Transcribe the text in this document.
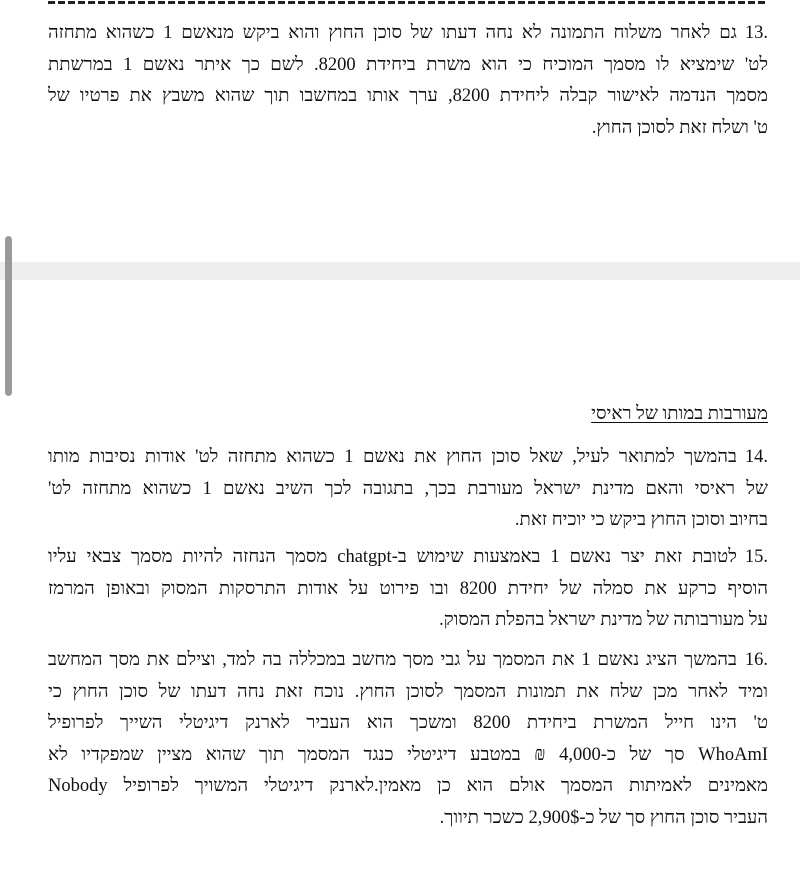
13.גם לאחר משלוח התמונה לא נחה דעתו של סוכן החוץ והוא ביקש מנאשם 1 כשהוא מתחזה
לט' שימציא לו מסמך המוכיח כי הוא משרת ביחידת 8200. לשם כך איתר נאשם 1 במרשתת
מסמך הנדמה לאישור קבלה ליחידת 8200, ערך אותו במחשבו תוך שהוא משבץ את פרטיו של
ט' ושלח זאת לסוכן החוץ.
מעורבות במותו של ראיסי
14.בהמשך למתואר לעיל, שאל סוכן החוץ את נאשם 1 כשהוא מתחזה לט' אודות נסיבות מותו
של ראיסי והאם מדינת ישראל מעורבת בכך, בתגובה לכך השיב נאשם 1 כשהוא מתחזה לט'
בחיוב וסוכן החוץ ביקש כי יוכיח זאת.
15.לטובת זאת יצר נאשם 1 באמצעות שימוש ב-chatgpt מסמך הנחזה להיות מסמך צבאי עליו
הוסיף כרקע את סמלה של יחידת 8200 ובו פירוט על אודות התרסקות המסוק ובאופן המרמז
על מעורבותה של מדינת ישראל בהפלת המסוק.
16.בהמשך הציג נאשם 1 את המסמך על גבי מסך מחשב במכללה בה למד, וצילם את מסך המחשב
ומיד לאחר מכן שלח את תמונות המסמך לסוכן החוץ. נוכח זאת נחה דעתו של סוכן החוץ כי
ט' הינו חייל המשרת ביחידת 8200 ומשכך הוא העביר לארנק דיגיטלי השייך לפרופיל
WhoAmI סך של כ-4,000 ₪ במטבע דיגיטלי כנגד המסמך תוך שהוא מציין שמפקדיו לא
מאמינים לאמיתות המסמך אולם הוא כן מאמין.לארנק דיגיטלי המשויך לפרופיל Nobody
העביר סוכן החוץ סך של כ-2,900$ כשכר תיווך.
